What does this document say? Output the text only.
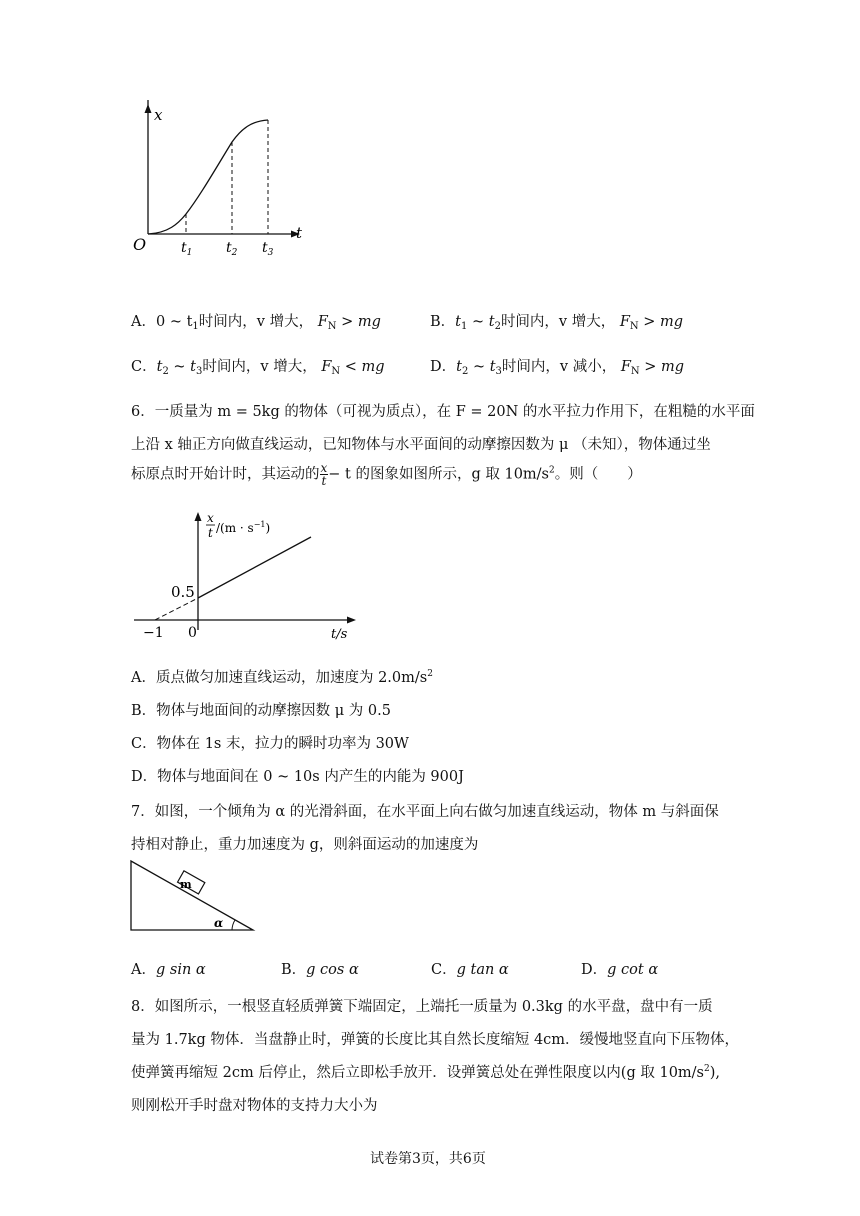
x
t
O $t_1$ $t_2$ $t_3$
A．0 ~ $t_1$时间内，v 增大， $F_N$ > mg	B．$t_1$ ~ $t_2$时间内，v 增大， $F_N$ > mg
C．$t_2$ ~ $t_3$时间内，v 增大， $F_N$ < mg	D．$t_2$ ~ $t_3$时间内，v 减小， $F_N$ > mg
6．一质量为 m = 5kg 的物体（可视为质点），在 F = 20N 的水平拉力作用下，在粗糙的水平面
上沿 x 轴正方向做直线运动，已知物体与水平面间的动摩擦因数为 μ （未知），物体通过坐
标原点时开始计时，其运动的 $\frac{x}{t} - t$ 的图象如图所示，g 取 $10m/s^2$。则（　　）
x
t $/(m \cdot s^{-1})$
0.5
−1 0	t/s
A．质点做匀加速直线运动，加速度为 $2.0m/s^2$
B．物体与地面间的动摩擦因数 μ 为 0.5
C．物体在 1s 末，拉力的瞬时功率为 30W
D．物体与地面间在 0 ~ 10s 内产生的内能为 900J
7．如图，一个倾角为 α 的光滑斜面，在水平面上向右做匀加速直线运动，物体 m 与斜面保
持相对静止，重力加速度为 g，则斜面运动的加速度为
m
α
A．g sin α	B．g cos α	C．g tan α	D．g cot α
8．如图所示，一根竖直轻质弹簧下端固定，上端托一质量为 0.3kg 的水平盘，盘中有一质
量为 1.7kg 物体．当盘静止时，弹簧的长度比其自然长度缩短 4cm．缓慢地竖直向下压物体，
使弹簧再缩短 2cm 后停止，然后立即松手放开．设弹簧总处在弹性限度以内(g 取 $10m/s^2$),
则刚松开手时盘对物体的支持力大小为
试卷第3页，共6页
